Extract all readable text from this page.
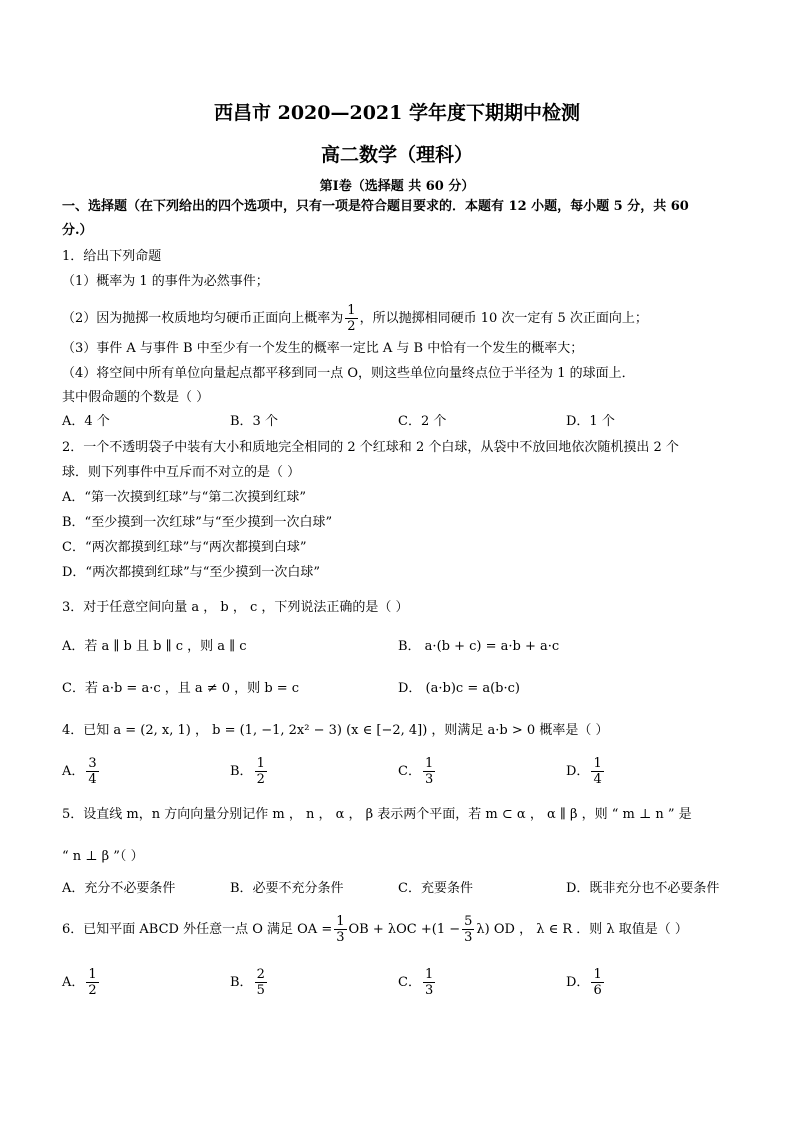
西昌市 2020—2021 学年度下期期中检测
高二数学（理科）
第Ⅰ卷（选择题 共 60 分）
一、选择题（在下列给出的四个选项中，只有一项是符合题目要求的．本题有 12 小题，每小题 5 分，共 60
分.）
1．给出下列命题
（1）概率为 1 的事件为必然事件；
（2）因为抛掷一枚质地均匀硬币正面向上概率为 $\frac{1}{2}$ ，所以抛掷相同硬币 10 次一定有 5 次正面向上；
（3）事件 A 与事件 B 中至少有一个发生的概率一定比 A 与 B 中恰有一个发生的概率大；
（4）将空间中所有单位向量起点都平移到同一点 O，则这些单位向量终点位于半径为 1 的球面上．
其中假命题的个数是（ ）
A．4 个	B．3 个	C．2 个	D．1 个
2．一个不透明袋子中装有大小和质地完全相同的 2 个红球和 2 个白球，从袋中不放回地依次随机摸出 2 个
球．则下列事件中互斥而不对立的是（ ）
A．“第一次摸到红球”与“第二次摸到红球”
B．“至少摸到一次红球”与“至少摸到一次白球”
C．“两次都摸到红球”与“两次都摸到白球”
D．“两次都摸到红球”与“至少摸到一次白球”
3．对于任意空间向量 a ， b ， c ，下列说法正确的是（ ）
A．若 a ∥ b 且 b ∥ c ，则 a ∥ c	B． a·(b + c) = a·b + a·c
C．若 a·b = a·c ，且 a ≠ 0 ，则 b = c	D． (a·b)c = a(b·c)
4．已知 a = (2, x, 1) ， b = (1, −1, 2x² − 3) (x ∈ [−2, 4]) ，则满足 a·b > 0 概率是（ ）
A． $\frac{3}{4}$	B． $\frac{1}{2}$	C． $\frac{1}{3}$	D． $\frac{1}{4}$
5．设直线 m，n 方向向量分别记作 m ， n ， α ， β 表示两个平面，若 m ⊂ α ， α ∥ β ，则 “ m ⊥ n ” 是
“ n ⊥ β ”（ ）
A．充分不必要条件	B．必要不充分条件	C．充要条件	D．既非充分也不必要条件
6．已知平面 ABCD 外任意一点 O 满足 OA = $\frac{1}{3}$ OB + $\lambda OC +(1 - \frac{5}{3} \lambda)$ OD ， λ ∈ R ．则 λ 取值是（ ）
A． $\frac{1}{2}$	B． $\frac{2}{5}$	C． $\frac{1}{3}$	D． $\frac{1}{6}$
